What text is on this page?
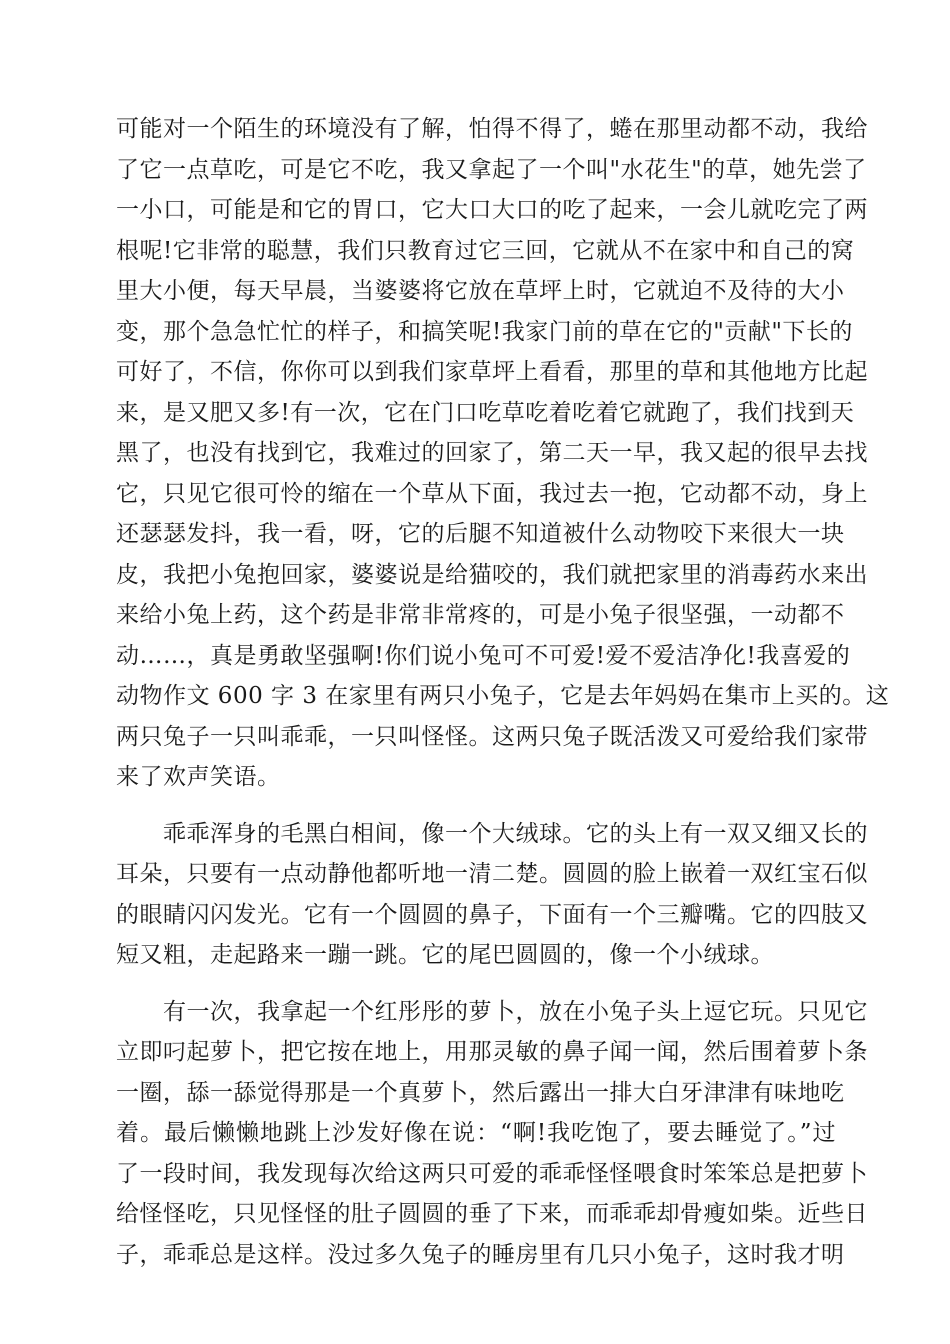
可能对一个陌生的环境没有了解，怕得不得了，蜷在那里动都不动，我给
了它一点草吃，可是它不吃，我又拿起了一个叫"水花生"的草，她先尝了
一小口，可能是和它的胃口，它大口大口的吃了起来，一会儿就吃完了两
根呢!它非常的聪慧，我们只教育过它三回，它就从不在家中和自己的窝
里大小便，每天早晨，当婆婆将它放在草坪上时，它就迫不及待的大小
变，那个急急忙忙的样子，和搞笑呢!我家门前的草在它的"贡献"下长的
可好了，不信，你你可以到我们家草坪上看看，那里的草和其他地方比起
来，是又肥又多!有一次，它在门口吃草吃着吃着它就跑了，我们找到天
黑了，也没有找到它，我难过的回家了，第二天一早，我又起的很早去找
它，只见它很可怜的缩在一个草从下面，我过去一抱，它动都不动，身上
还瑟瑟发抖，我一看，呀，它的后腿不知道被什么动物咬下来很大一块
皮，我把小兔抱回家，婆婆说是给猫咬的，我们就把家里的消毒药水来出
来给小兔上药，这个药是非常非常疼的，可是小兔子很坚强，一动都不
动……，真是勇敢坚强啊!你们说小兔可不可爱!爱不爱洁净化!我喜爱的
动物作文 600 字 3 在家里有两只小兔子，它是去年妈妈在集市上买的。这
两只兔子一只叫乖乖，一只叫怪怪。这两只兔子既活泼又可爱给我们家带
来了欢声笑语。

　　乖乖浑身的毛黑白相间，像一个大绒球。它的头上有一双又细又长的
耳朵，只要有一点动静他都听地一清二楚。圆圆的脸上嵌着一双红宝石似
的眼睛闪闪发光。它有一个圆圆的鼻子，下面有一个三瓣嘴。它的四肢又
短又粗，走起路来一蹦一跳。它的尾巴圆圆的，像一个小绒球。

　　有一次，我拿起一个红彤彤的萝卜，放在小兔子头上逗它玩。只见它
立即叼起萝卜，把它按在地上，用那灵敏的鼻子闻一闻，然后围着萝卜条
一圈，舔一舔觉得那是一个真萝卜，然后露出一排大白牙津津有味地吃
着。最后懒懒地跳上沙发好像在说：“啊!我吃饱了，要去睡觉了。”过
了一段时间，我发现每次给这两只可爱的乖乖怪怪喂食时笨笨总是把萝卜
给怪怪吃，只见怪怪的肚子圆圆的垂了下来，而乖乖却骨瘦如柴。近些日
子，乖乖总是这样。没过多久兔子的睡房里有几只小兔子，这时我才明
